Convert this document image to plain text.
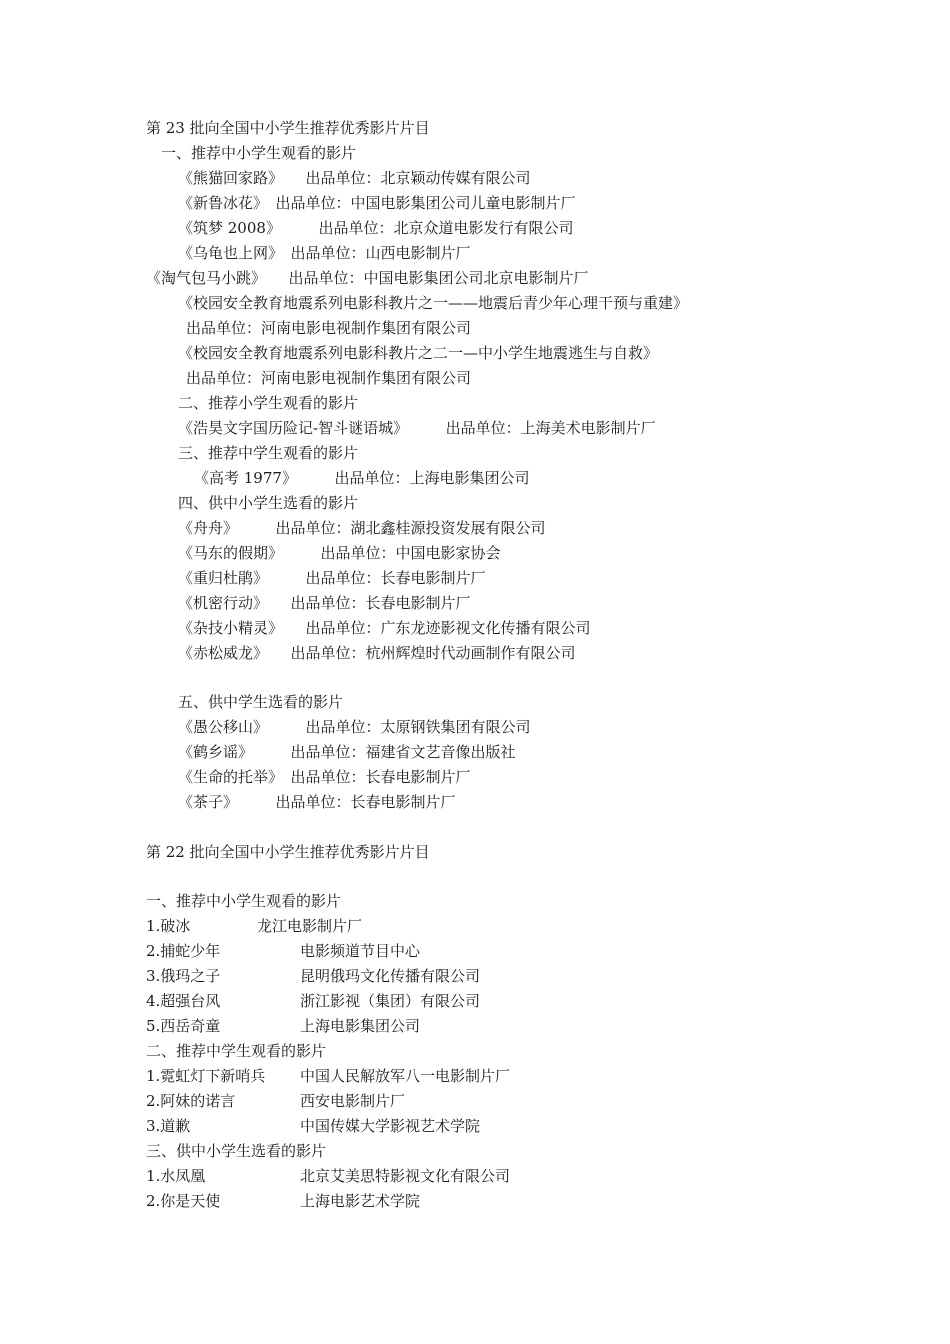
第 23 批向全国中小学生推荐优秀影片片目
一、推荐中小学生观看的影片
《熊猫回家路》　　出品单位：北京颖动传媒有限公司
《新鲁冰花》　出品单位：中国电影集团公司儿童电影制片厂
《筑梦 2008》　　　出品单位：北京众道电影发行有限公司
《乌龟也上网》　出品单位：山西电影制片厂
《淘气包马小跳》　　出品单位：中国电影集团公司北京电影制片厂
《校园安全教育地震系列电影科教片之一——地震后青少年心理干预与重建》
出品单位：河南电影电视制作集团有限公司
《校园安全教育地震系列电影科教片之二一—中小学生地震逃生与自救》
出品单位：河南电影电视制作集团有限公司
二、推荐小学生观看的影片
《浩昊文字国历险记-智斗谜语城》　　　出品单位：上海美术电影制片厂
三、推荐中学生观看的影片
《高考 1977》　　　出品单位：上海电影集团公司
四、供中小学生选看的影片
《舟舟》　　　出品单位：湖北鑫桂源投资发展有限公司
《马东的假期》　　　出品单位：中国电影家协会
《重归杜鹃》　　　出品单位：长春电影制片厂
《机密行动》　　出品单位：长春电影制片厂
《杂技小精灵》　　出品单位：广东龙迹影视文化传播有限公司
《赤松威龙》　　出品单位：杭州辉煌时代动画制作有限公司
五、供中学生选看的影片
《愚公移山》　　　出品单位：太原钢铁集团有限公司
《鹤乡谣》　　　出品单位：福建省文艺音像出版社
《生命的托举》　出品单位：长春电影制片厂
《茶子》　　　出品单位：长春电影制片厂
第 22 批向全国中小学生推荐优秀影片片目
一、推荐中小学生观看的影片
1.破冰	龙江电影制片厂
2.捕蛇少年	电影频道节目中心
3.俄玛之子	昆明俄玛文化传播有限公司
4.超强台风	浙江影视（集团）有限公司
5.西岳奇童	上海电影集团公司
二、推荐中学生观看的影片
1.霓虹灯下新哨兵 中国人民解放军八一电影制片厂
2.阿妹的诺言	西安电影制片厂
3.道歉	中国传媒大学影视艺术学院
三、供中小学生选看的影片
1.水凤凰	北京艾美思特影视文化有限公司
2.你是天使	上海电影艺术学院
